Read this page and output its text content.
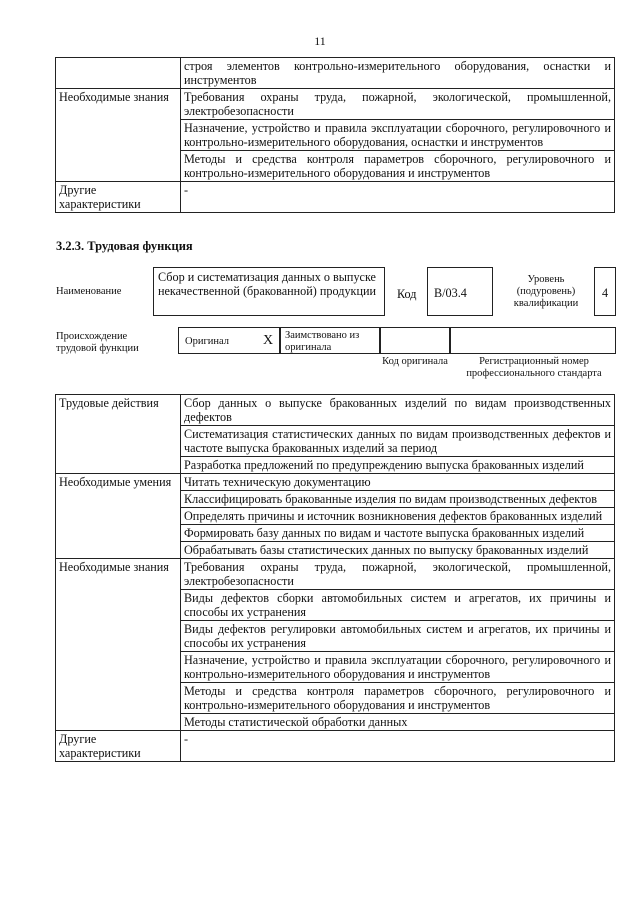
11
	строя элементов контрольно-измерительного оборудования, оснастки и инструментов
Необходимые знания	Требования охраны труда, пожарной, экологической, промышленной, электробезопасности
	Назначение, устройство и правила эксплуатации сборочного, регулировочного и контрольно-измерительного оборудования, оснастки и инструментов
	Методы и средства контроля параметров сборочного, регулировочного и контрольно-измерительного оборудования и инструментов
Другие характеристики	-
3.2.3. Трудовая функция
Наименование
Сбор и систематизация данных о выпуске некачественной (бракованной) продукции	Код	B/03.4
Уровень (подуровень) квалификации
4
Происхождение трудовой функции
Оригинал X	Заимствовано из оригинала
Код оригинала	Регистрационный номер профессионального стандарта
Трудовые действия	Сбор данных о выпуске бракованных изделий по видам производственных дефектов
	Систематизация статистических данных по видам производственных дефектов и частоте выпуска бракованных изделий за период
	Разработка предложений по предупреждению выпуска бракованных изделий
Необходимые умения	Читать техническую документацию
	Классифицировать бракованные изделия по видам производственных дефектов
	Определять причины и источник возникновения дефектов бракованных изделий
	Формировать базу данных по видам и частоте выпуска бракованных изделий
	Обрабатывать базы статистических данных по выпуску бракованных изделий
Необходимые знания	Требования охраны труда, пожарной, экологической, промышленной, электробезопасности
	Виды дефектов сборки автомобильных систем и агрегатов, их причины и способы их устранения
	Виды дефектов регулировки автомобильных систем и агрегатов, их причины и способы их устранения
	Назначение, устройство и правила эксплуатации сборочного, регулировочного и контрольно-измерительного оборудования и инструментов
	Методы и средства контроля параметров сборочного, регулировочного и контрольно-измерительного оборудования и инструментов
	Методы статистической обработки данных
Другие характеристики	-
